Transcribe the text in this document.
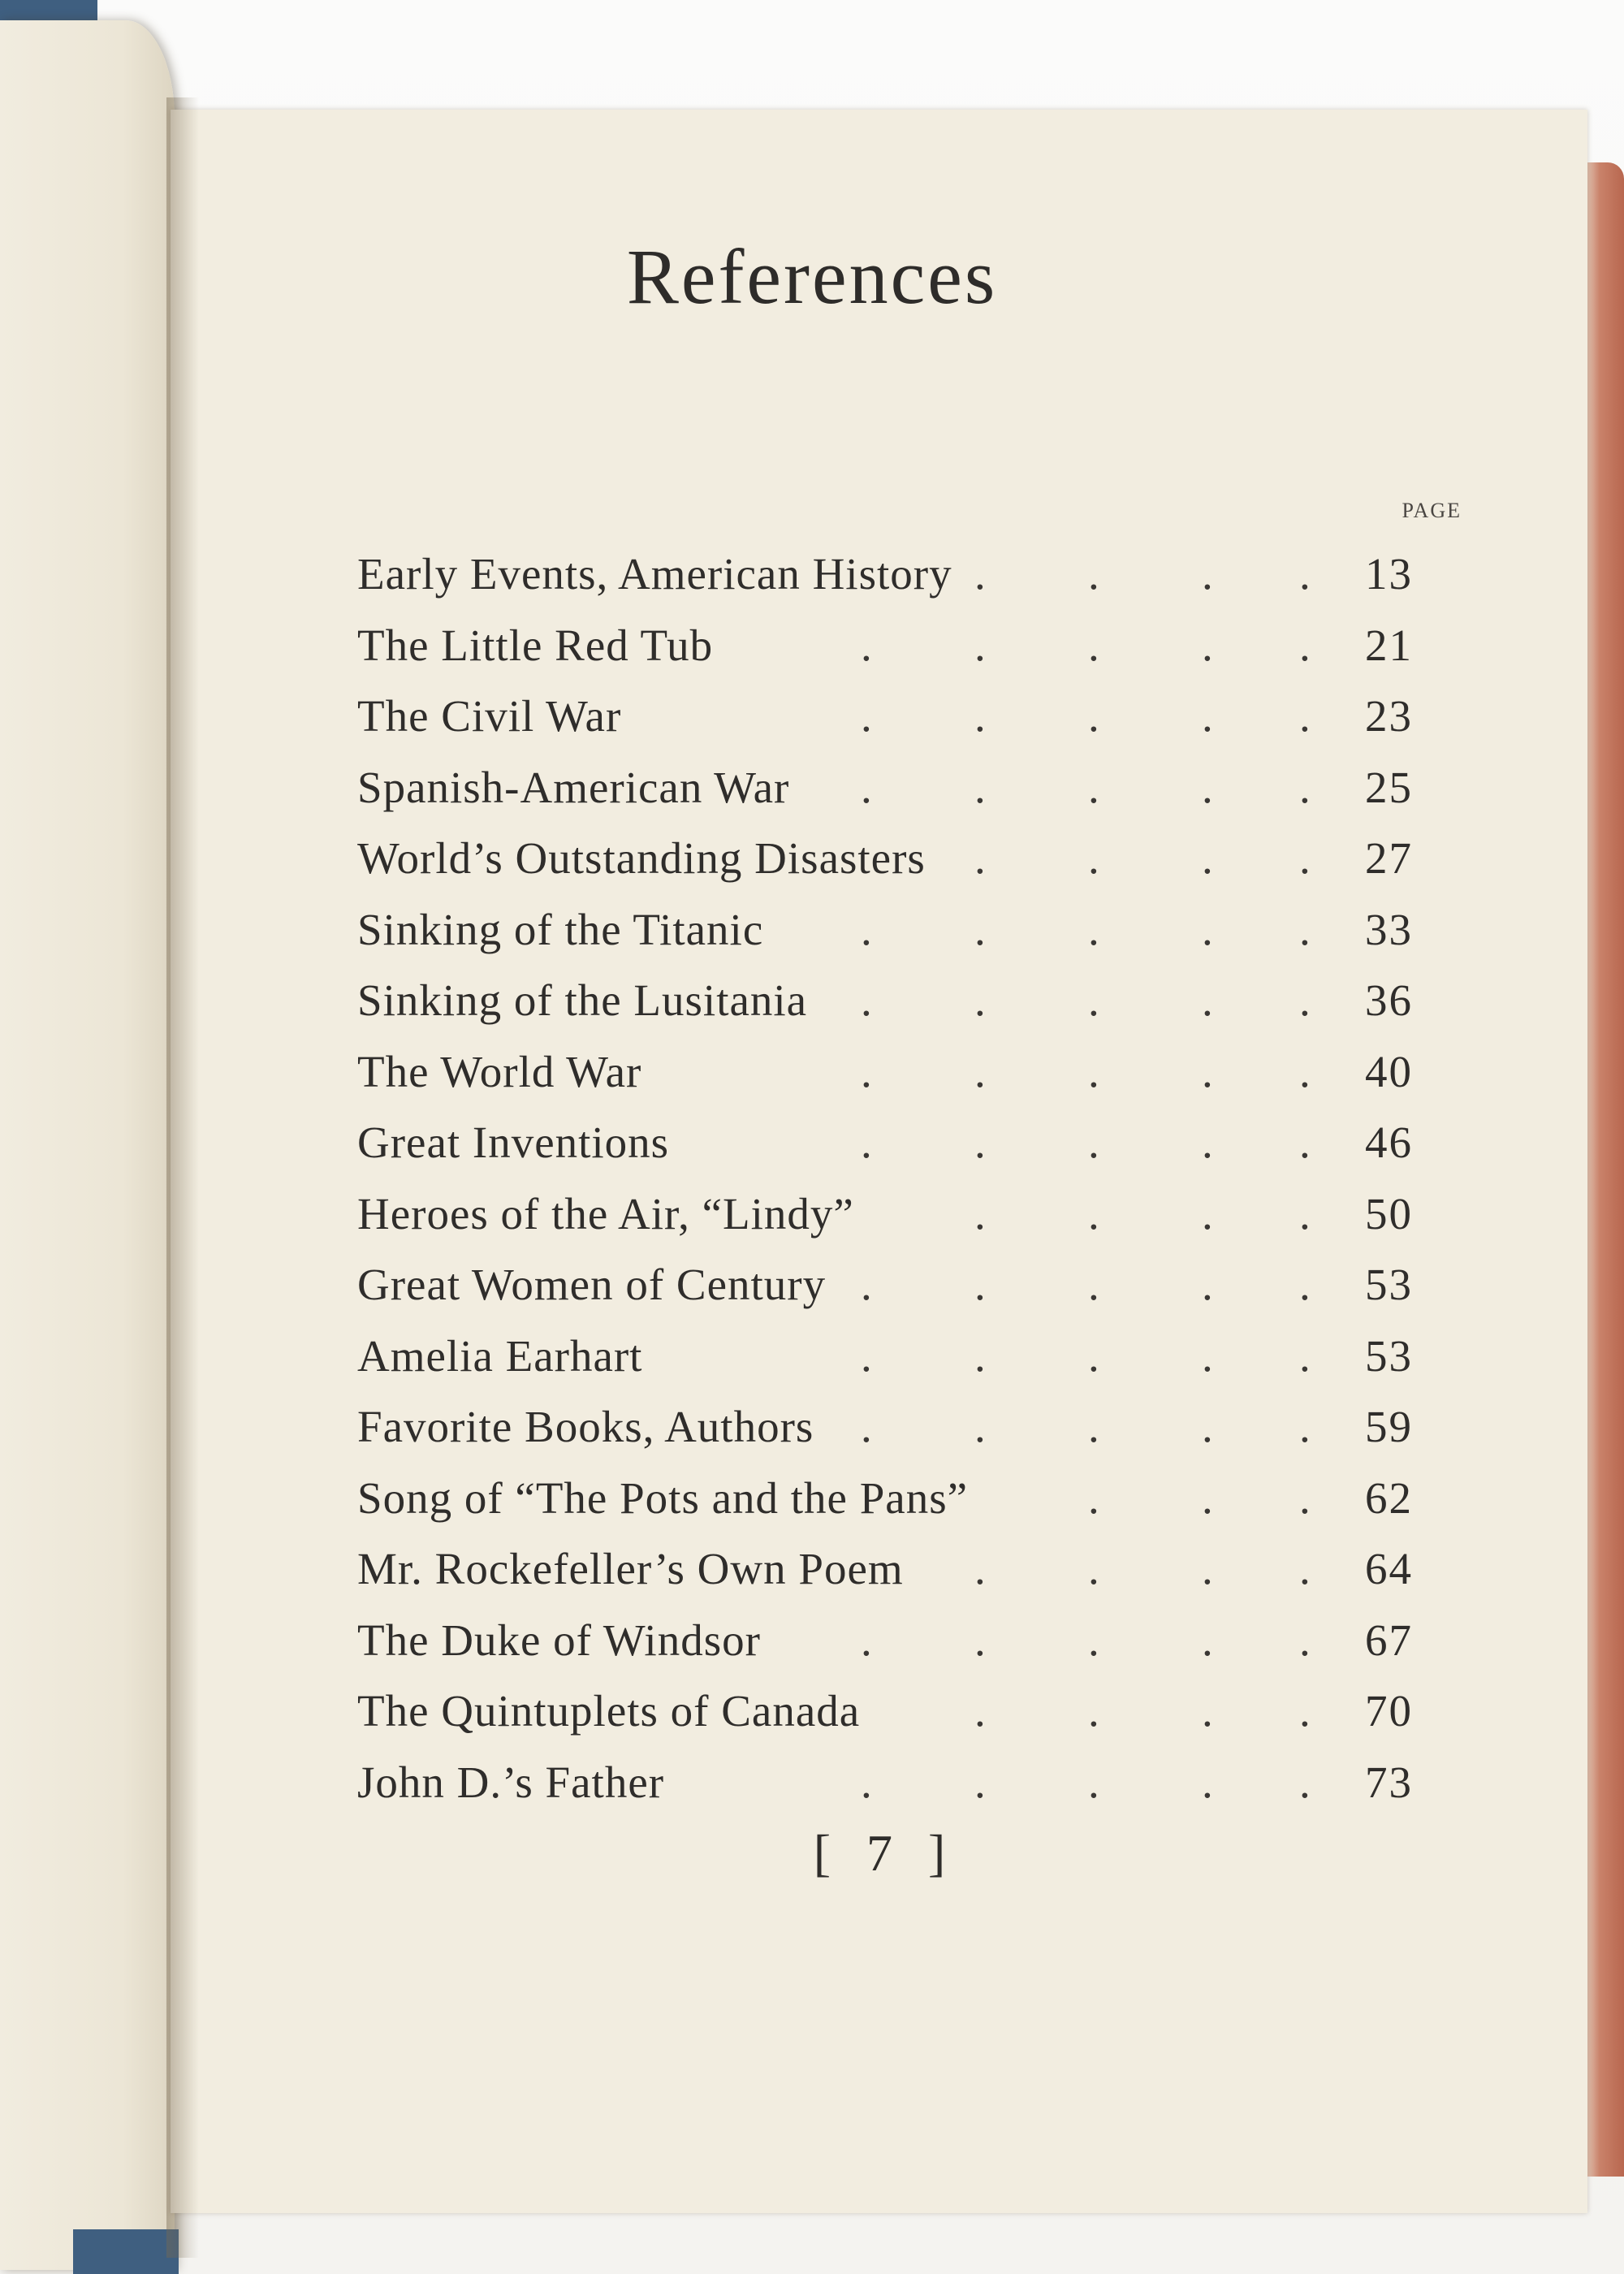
References
PAGE
Early Events, American History	13
. . . .
The Little Red Tub	21
. . . . .
The Civil War	23
. . . . .
Spanish-American War	25
. . . . .
World’s Outstanding Disasters	27
. . . .
Sinking of the Titanic	33
. . . . .
Sinking of the Lusitania	36
. . . . .
The World War	40
. . . . .
Great Inventions	46
. . . . .
Heroes of the Air, “Lindy”	50
. . . .
Great Women of Century	53
. . . . .
Amelia Earhart	53
. . . . .
Favorite Books, Authors	59
. . . . .
Song of “The Pots and the Pans”	62
. . .
Mr. Rockefeller’s Own Poem	64
. . . .
The Duke of Windsor	67
. . . . .
The Quintuplets of Canada	70
. . . .
John D.’s Father	73
. . . . .
[ 7 ]
